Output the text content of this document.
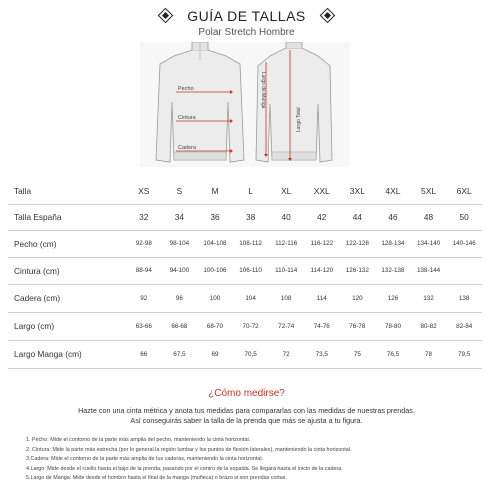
GUÍA DE TALLAS
Polar Stretch Hombre
Pecho
Cintura
Cadera
Largo de Manga
Largo Total
Talla	XS	S	M	L	XL	XXL	3XL	4XL	5XL	6XL
Talla España	32	34	36	38	40	42	44	46	48	50
Pecho (cm)	92-98	98-104	104-108	108-112	112-116	116-122	122-128	128-134	134-140	140-146
Cintura (cm)	88-94	94-100	100-106	106-110	110-114	114-120	126-132	132-138	138-144	
Cadera (cm)	92	96	100	104	108	114	120	126	132	138
Largo (cm)	63-66	66-68	68-70	70-72	72-74	74-76	76-78	78-80	80-82	82-84
Largo Manga (cm)	66	67,5	69	70,5	72	73,5	75	76,5	78	79,5
¿Cómo medirse?
Hazte con una cinta métrica y anota tus medidas para compararlas con las medidas de nuestras prendas.
Así conseguirás saber la talla de la prenda que más se ajusta a tu figura.
1. Pecho: Mide el contorno de la parte más amplia del pecho, manteniendo la cinta horizontal.
2. Cintura: Mide la parte más estrecha (por lo general la región lumbar y los puntos de flexión laterales), manteniendo la cinta horizontal.
3.Cadera: Mide el contorno de la parte más amplia de tus caderas, manteniendo la cinta horizontal.
4.Largo: Mide desde el cuello hasta el bajo de la prenda, pasando por el centro de la espalda. Se llegará hasta el inicio de la cadera.
5.Largo de Manga: Mide desde el hombro hasta el final de la manga (muñeca) o brazo si son prendas cortas.
